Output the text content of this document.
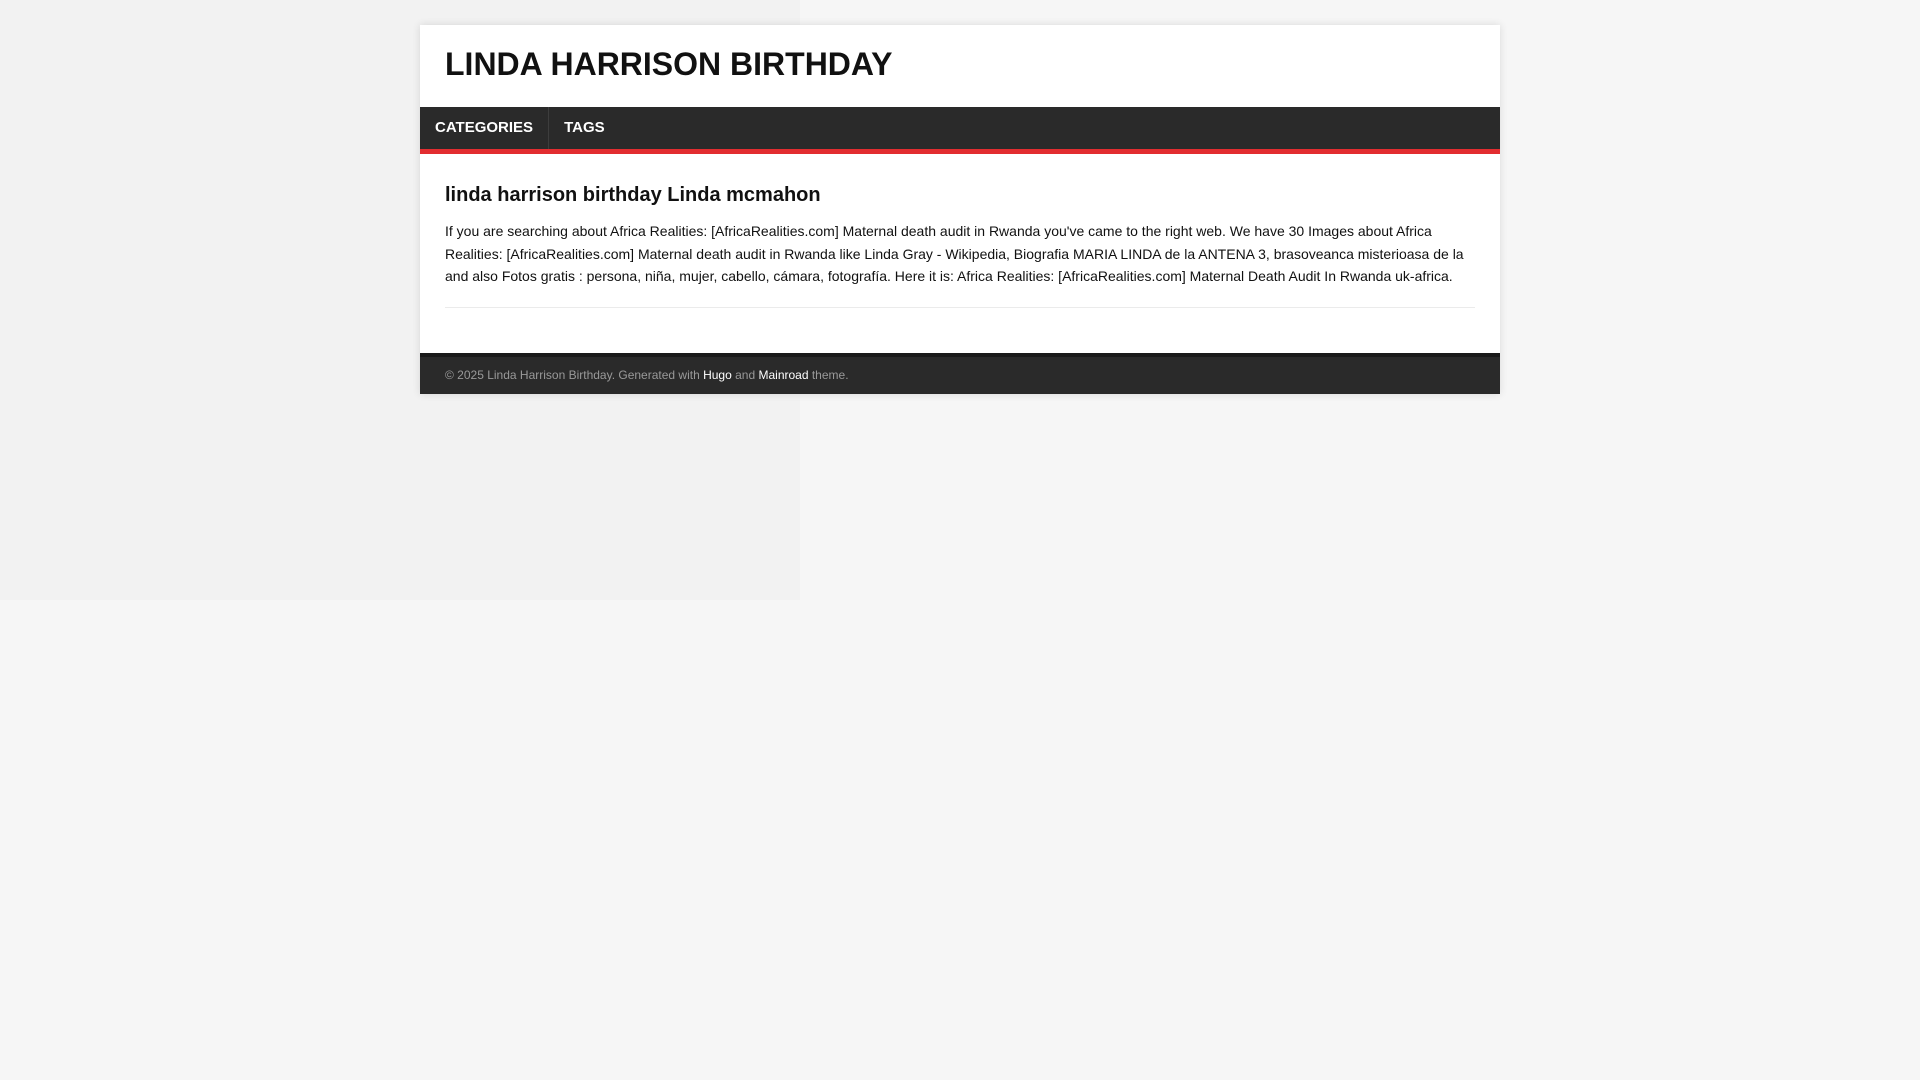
LINDA HARRISON BIRTHDAY
CATEGORIES	TAGS
linda harrison birthday Linda mcmahon

If you are searching about Africa Realities: [AfricaRealities.com] Maternal death audit in Rwanda you've came to the right web. We have 30 Images about Africa Realities: [AfricaRealities.com] Maternal death audit in Rwanda like Linda Gray - Wikipedia, Biografia MARIA LINDA de la ANTENA 3, brasoveanca misterioasa de la and also Fotos gratis : persona, niña, mujer, cabello, cámara, fotografía. Here it is: Africa Realities: [AfricaRealities.com] Maternal Death Audit In Rwanda uk-africa.

© 2025 Linda Harrison Birthday. Generated with Hugo and Mainroad theme.
